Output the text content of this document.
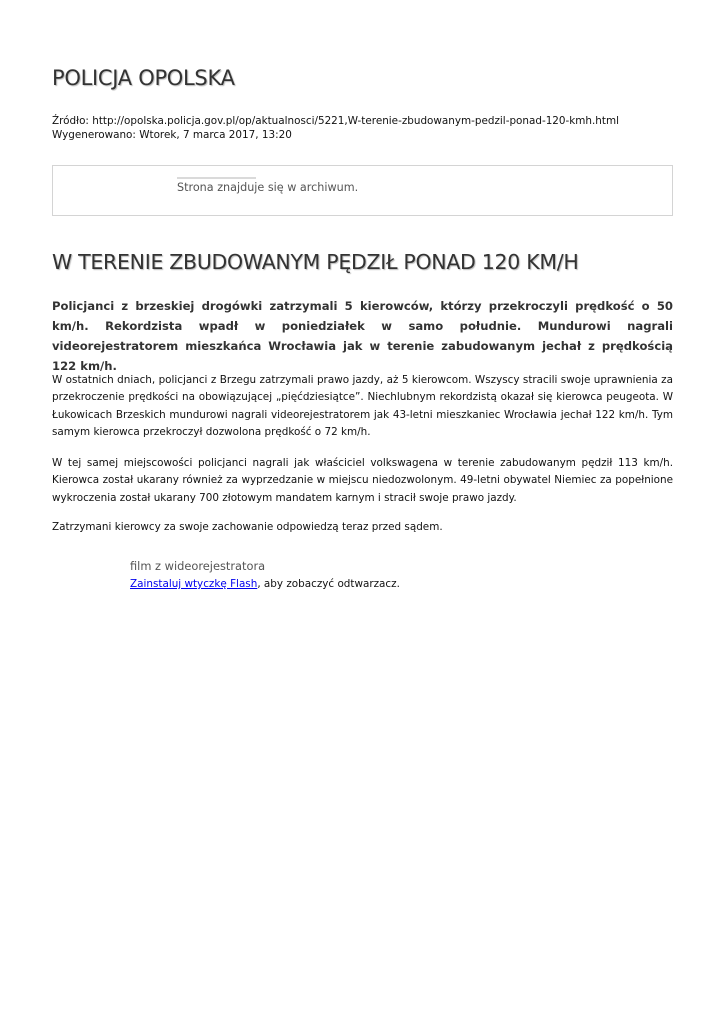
POLICJA OPOLSKA
Źródło: http://opolska.policja.gov.pl/op/aktualnosci/5221,W-terenie-zbudowanym-pedzil-ponad-120-kmh.html
Wygenerowano: Wtorek, 7 marca 2017, 13:20
Strona znajduje się w archiwum.
W TERENIE ZBUDOWANYM PĘDZIŁ PONAD 120 KM/H

Policjanci z brzeskiej drogówki zatrzymali 5 kierowców, którzy przekroczyli prędkość o 50 km/h. Rekordzista wpadł w poniedziałek w samo południe. Mundurowi nagrali videorejestratorem mieszkańca Wrocławia jak w terenie zabudowanym jechał z prędkością 122 km/h.

W ostatnich dniach, policjanci z Brzegu zatrzymali prawo jazdy, aż 5 kierowcom. Wszyscy stracili swoje uprawnienia za przekroczenie prędkości na obowiązującej „pięćdziesiątce”. Niechlubnym rekordzistą okazał się kierowca peugeota. W Łukowicach Brzeskich mundurowi nagrali videorejestratorem jak 43-letni mieszkaniec Wrocławia jechał 122 km/h. Tym samym kierowca przekroczył dozwolona prędkość o 72 km/h.

W tej samej miejscowości policjanci nagrali jak właściciel volkswagena w terenie zabudowanym pędził 113 km/h. Kierowca został ukarany również za wyprzedzanie w miejscu niedozwolonym. 49-letni obywatel Niemiec za popełnione wykroczenia został ukarany 700 złotowym mandatem karnym i stracił swoje prawo jazdy.

Zatrzymani kierowcy za swoje zachowanie odpowiedzą teraz przed sądem.

film z wideorejestratora
Zainstaluj wtyczkę Flash, aby zobaczyć odtwarzacz.
